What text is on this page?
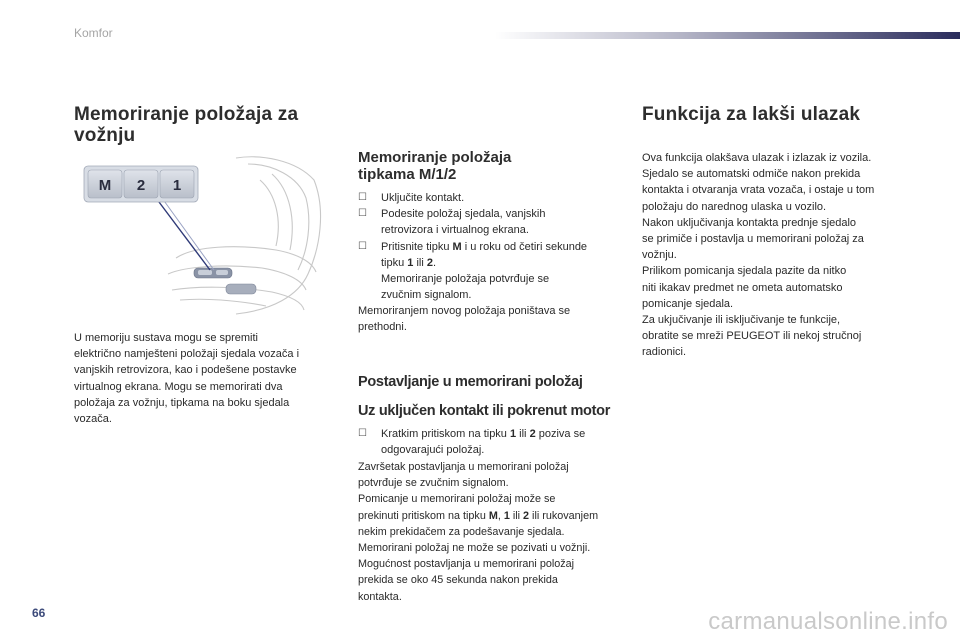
Komfor
Memoriranje položaja za
vožnju
M 2 1

U memoriju sustava mogu se spremiti
električno namješteni položaji sjedala vozača i
vanjskih retrovizora, kao i podešene postavke
virtualnog ekrana. Mogu se memorirati dva
položaja za vožnju, tipkama na boku sjedala
vozača.

Memoriranje položaja
tipkama M/1/2
☐	Uključite kontakt.
☐	Podesite položaj sjedala, vanjskih
retrovizora i virtualnog ekrana.
☐	Pritisnite tipku M i u roku od četiri sekunde
tipku 1 ili 2.

Memoriranje položaja potvrđuje se
zvučnim signalom.

Memoriranjem novog položaja poništava se
prethodni.

Postavljanje u memorirani položaj
Uz uključen kontakt ili pokrenut motor
☐	Kratkim pritiskom na tipku 1 ili 2 poziva se
odgovarajući položaj.

Završetak postavljanja u memorirani položaj
potvrđuje se zvučnim signalom.
Pomicanje u memorirani položaj može se
prekinuti pritiskom na tipku M, 1 ili 2 ili rukovanjem
nekim prekidačem za podešavanje sjedala.
Memorirani položaj ne može se pozivati u vožnji.
Mogućnost postavljanja u memorirani položaj
prekida se oko 45 sekunda nakon prekida
kontakta.

Funkcija za lakši ulazak

Ova funkcija olakšava ulazak i izlazak iz vozila.
Sjedalo se automatski odmiče nakon prekida
kontakta i otvaranja vrata vozača, i ostaje u tom
položaju do narednog ulaska u vozilo.
Nakon uključivanja kontakta prednje sjedalo
se primiče i postavlja u memorirani položaj za
vožnju.
Prilikom pomicanja sjedala pazite da nitko
niti ikakav predmet ne ometa automatsko
pomicanje sjedala.
Za ukjučivanje ili isključivanje te funkcije,
obratite se mreži PEUGEOT ili nekoj stručnoj
radionici.

66	carmanualsonline.info
